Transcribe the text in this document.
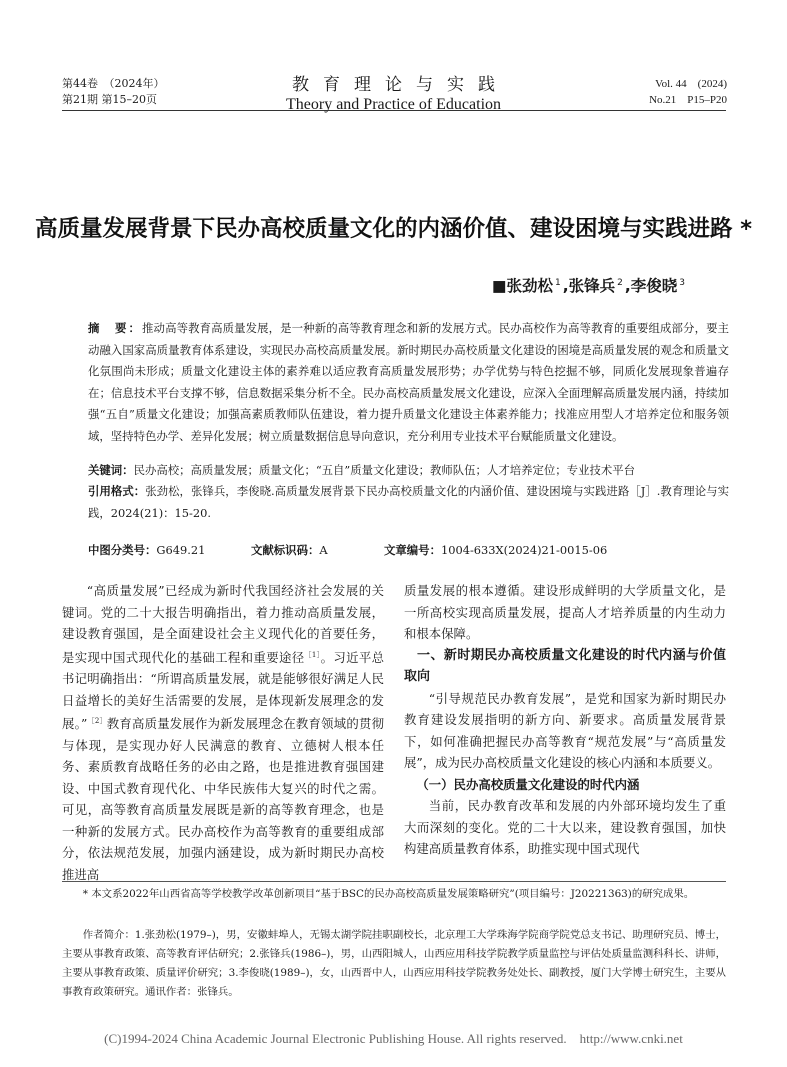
第44卷　（2024年）
第21期 第15–20页
教育理论与实践
Theory and Practice of Education
Vol. 44　(2024)
No.21　P15–P20
高质量发展背景下民办高校质量文化的内涵价值、建设困境与实践进路 *
■张劲松 $^1$ ,张锋兵 $^2$ ,李俊晓 $^3$
摘　要：推动高等教育高质量发展，是一种新的高等教育理念和新的发展方式。民办高校作为高等教育的重要组成部分，要主动融入国家高质量教育体系建设，实现民办高校高质量发展。新时期民办高校质量文化建设的困境是高质量发展的观念和质量文化氛围尚未形成；质量文化建设主体的素养难以适应教育高质量发展形势；办学优势与特色挖掘不够，同质化发展现象普遍存在；信息技术平台支撑不够，信息数据采集分析不全。民办高校高质量发展文化建设，应深入全面理解高质量发展内涵，持续加强“五自”质量文化建设；加强高素质教师队伍建设，着力提升质量文化建设主体素养能力；找准应用型人才培养定位和服务领域，坚持特色办学、差异化发展；树立质量数据信息导向意识，充分利用专业技术平台赋能质量文化建设。
关键词：民办高校；高质量发展；质量文化；“五自”质量文化建设；教师队伍；人才培养定位；专业技术平台
引用格式：张劲松，张锋兵，李俊晓.高质量发展背景下民办高校质量文化的内涵价值、建设困境与实践进路［J］.教育理论与实践，2024(21)：15-20.
中图分类号：G649.21	文献标识码：A	文章编号：1004-633X(2024)21-0015-06

“高质量发展”已经成为新时代我国经济社会发展的关键词。党的二十大报告明确指出，着力推动高质量发展，建设教育强国，是全面建设社会主义现代化的首要任务，是实现中国式现代化的基础工程和重要途径$^{[1]}$。习近平总书记明确指出：“所谓高质量发展，就是能够很好满足人民日益增长的美好生活需要的发展，是体现新发展理念的发展。”$^{[2]}$教育高质量发展作为新发展理念在教育领域的贯彻与体现，是实现办好人民满意的教育、立德树人根本任务、素质教育战略任务的必由之路，也是推进教育强国建设、中国式教育现代化、中华民族伟大复兴的时代之需。可见，高等教育高质量发展既是新的高等教育理念，也是一种新的发展方式。民办高校作为高等教育的重要组成部分，依法规范发展，加强内涵建设，成为新时期民办高校推进高

质量发展的根本遵循。建设形成鲜明的大学质量文化，是一所高校实现高质量发展，提高人才培养质量的内生动力和根本保障。

一、新时期民办高校质量文化建设的时代内涵与价值取向

“引导规范民办教育发展”，是党和国家为新时期民办教育建设发展指明的新方向、新要求。高质量发展背景下，如何准确把握民办高等教育“规范发展”与“高质量发展”，成为民办高校质量文化建设的核心内涵和本质要义。

（一）民办高校质量文化建设的时代内涵

当前，民办教育改革和发展的内外部环境均发生了重大而深刻的变化。党的二十大以来，建设教育强国，加快构建高质量教育体系，助推实现中国式现代

* 本文系2022年山西省高等学校教学改革创新项目“基于BSC的民办高校高质量发展策略研究”(项目编号：J20221363)的研究成果。
作者简介：1.张劲松(1979–)，男，安徽蚌埠人，无锡太湖学院挂职副校长，北京理工大学珠海学院商学院党总支书记、助理研究员、博士，主要从事教育政策、高等教育评估研究；2.张锋兵(1986–)，男，山西阳城人，山西应用科技学院教学质量监控与评估处质量监测科科长、讲师，主要从事教育政策、质量评价研究；3.李俊晓(1989–)，女，山西晋中人，山西应用科技学院教务处处长、副教授，厦门大学博士研究生，主要从事教育政策研究。通讯作者：张锋兵。
(C)1994-2024 China Academic Journal Electronic Publishing House. All rights reserved.　http://www.cnki.net
